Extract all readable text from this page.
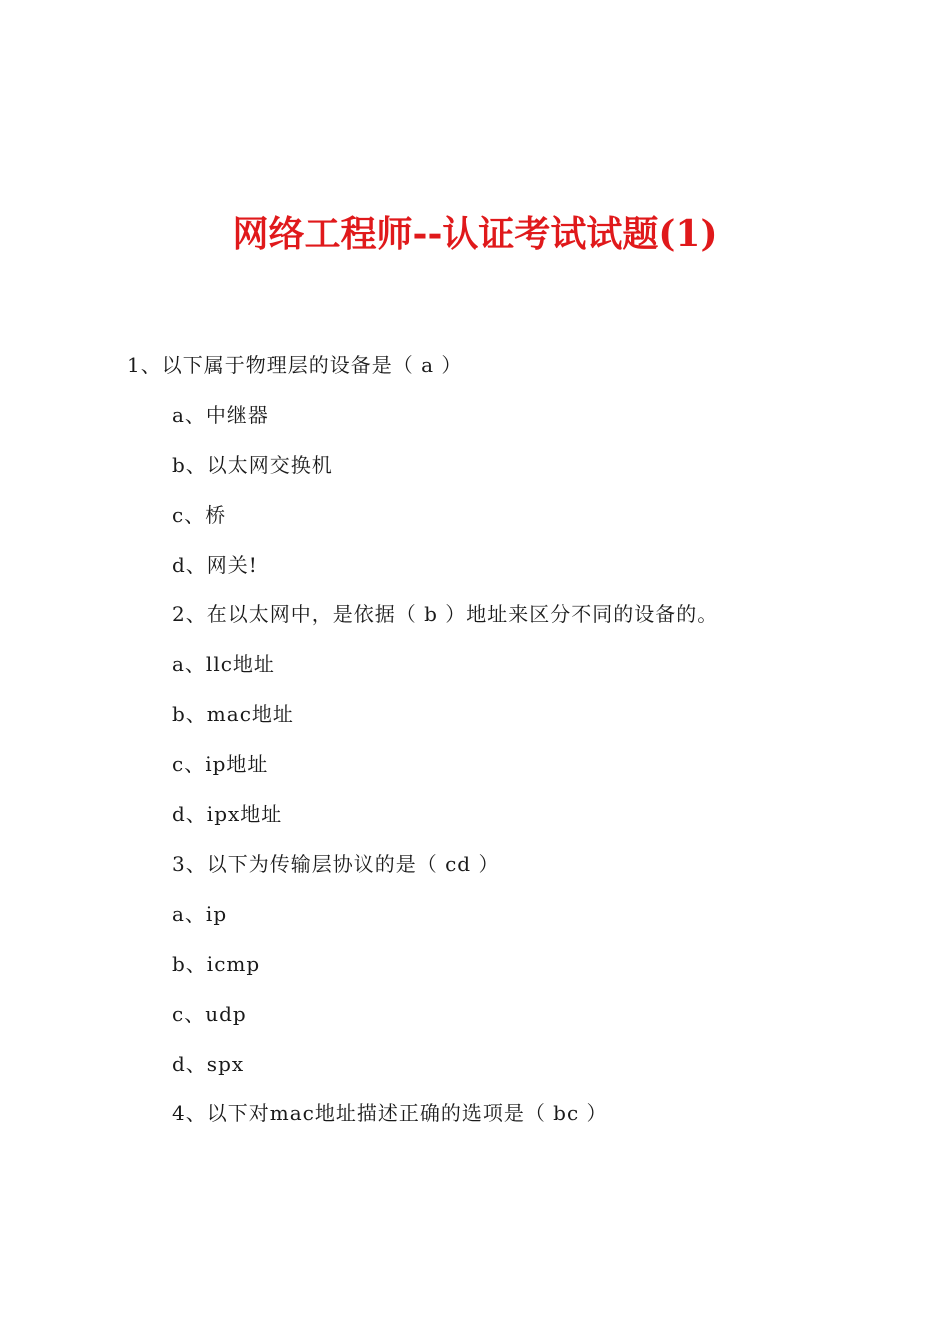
网络工程师--认证考试试题(1)
1、以下属于物理层的设备是（ a ）
a、中继器
b、以太网交换机
c、桥
d、网关!
2、在以太网中，是依据（ b ）地址来区分不同的设备的。
a、llc地址
b、mac地址
c、ip地址
d、ipx地址
3、以下为传输层协议的是（ cd ）
a、ip
b、icmp
c、udp
d、spx
4、以下对mac地址描述正确的选项是（ bc ）
